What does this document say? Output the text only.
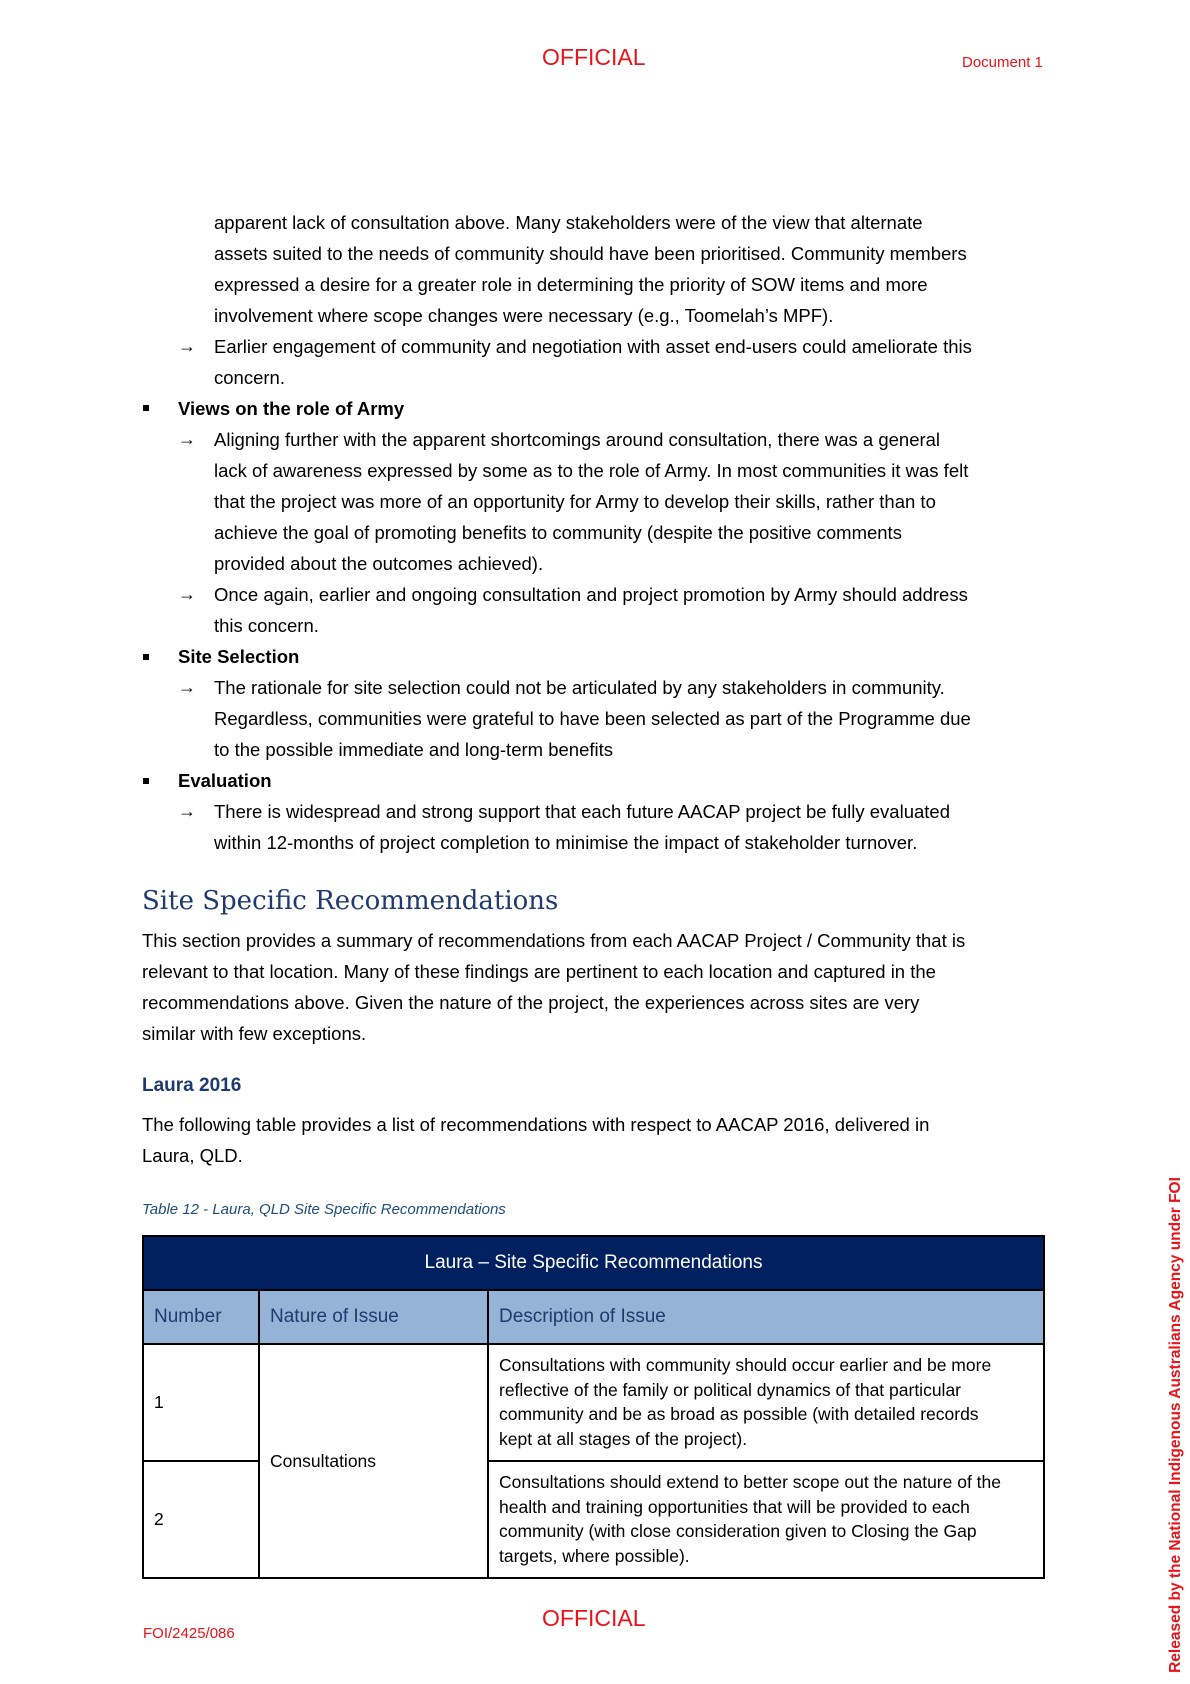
OFFICIAL	Document 1
Released by the National Indigenous Australians Agency under FOI
apparent lack of consultation above. Many stakeholders were of the view that alternate
assets suited to the needs of community should have been prioritised. Community members
expressed a desire for a greater role in determining the priority of SOW items and more
involvement where scope changes were necessary (e.g., Toomelah’s MPF).
→ Earlier engagement of community and negotiation with asset end-users could ameliorate this
concern.
Views on the role of Army
→ Aligning further with the apparent shortcomings around consultation, there was a general
lack of awareness expressed by some as to the role of Army. In most communities it was felt
that the project was more of an opportunity for Army to develop their skills, rather than to
achieve the goal of promoting benefits to community (despite the positive comments
provided about the outcomes achieved).
→ Once again, earlier and ongoing consultation and project promotion by Army should address
this concern.
Site Selection
→ The rationale for site selection could not be articulated by any stakeholders in community.
Regardless, communities were grateful to have been selected as part of the Programme due
to the possible immediate and long-term benefits
Evaluation
→ There is widespread and strong support that each future AACAP project be fully evaluated
within 12-months of project completion to minimise the impact of stakeholder turnover.
Site Specific Recommendations
This section provides a summary of recommendations from each AACAP Project / Community that is
relevant to that location. Many of these findings are pertinent to each location and captured in the
recommendations above. Given the nature of the project, the experiences across sites are very
similar with few exceptions.
Laura 2016
The following table provides a list of recommendations with respect to AACAP 2016, delivered in
Laura, QLD.
Table 12 - Laura, QLD Site Specific Recommendations
Laura – Site Specific Recommendations		
Number	Nature of Issue	Description of Issue
1	Consultations	Consultations with community should occur earlier and be more
reflective of the family or political dynamics of that particular
community and be as broad as possible (with detailed records
kept at all stages of the project).

2		Consultations should extend to better scope out the nature of the
health and training opportunities that will be provided to each
community (with close consideration given to Closing the Gap
targets, where possible).
OFFICIAL
FOI/2425/086
